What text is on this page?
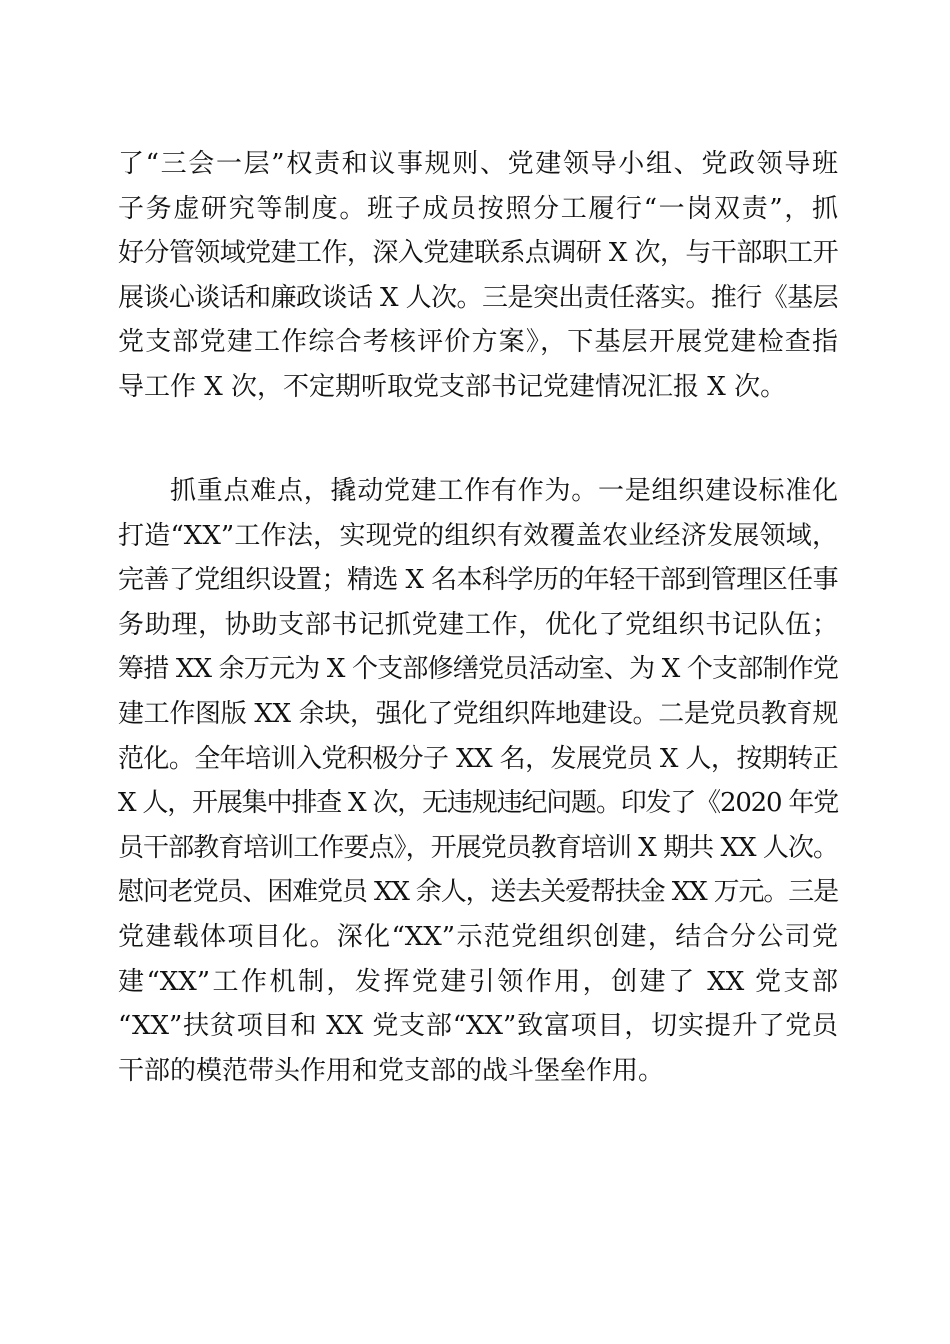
了“三会一层”权责和议事规则、党建领导小组、党政领导班
子务虚研究等制度。班子成员按照分工履行“一岗双责”，抓
好分管领域党建工作，深入党建联系点调研 X 次，与干部职工开
展谈心谈话和廉政谈话 X 人次。三是突出责任落实。推行《基层
党支部党建工作综合考核评价方案》，下基层开展党建检查指
导工作 X 次，不定期听取党支部书记党建情况汇报 X 次。
抓重点难点，撬动党建工作有作为。一是组织建设标准化
打造“XX”工作法，实现党的组织有效覆盖农业经济发展领域，
完善了党组织设置；精选 X 名本科学历的年轻干部到管理区任事
务助理，协助支部书记抓党建工作，优化了党组织书记队伍；
筹措 XX 余万元为 X 个支部修缮党员活动室、为 X 个支部制作党
建工作图版 XX 余块，强化了党组织阵地建设。二是党员教育规
范化。全年培训入党积极分子 XX 名，发展党员 X 人，按期转正
X 人，开展集中排查 X 次，无违规违纪问题。印发了《2020 年党
员干部教育培训工作要点》，开展党员教育培训 X 期共 XX 人次。
慰问老党员、困难党员 XX 余人，送去关爱帮扶金 XX 万元。三是
党建载体项目化。深化“XX”示范党组织创建，结合分公司党
建“XX”工作机制，发挥党建引领作用，创建了 XX 党支部
“XX”扶贫项目和 XX 党支部“XX”致富项目，切实提升了党员
干部的模范带头作用和党支部的战斗堡垒作用。
